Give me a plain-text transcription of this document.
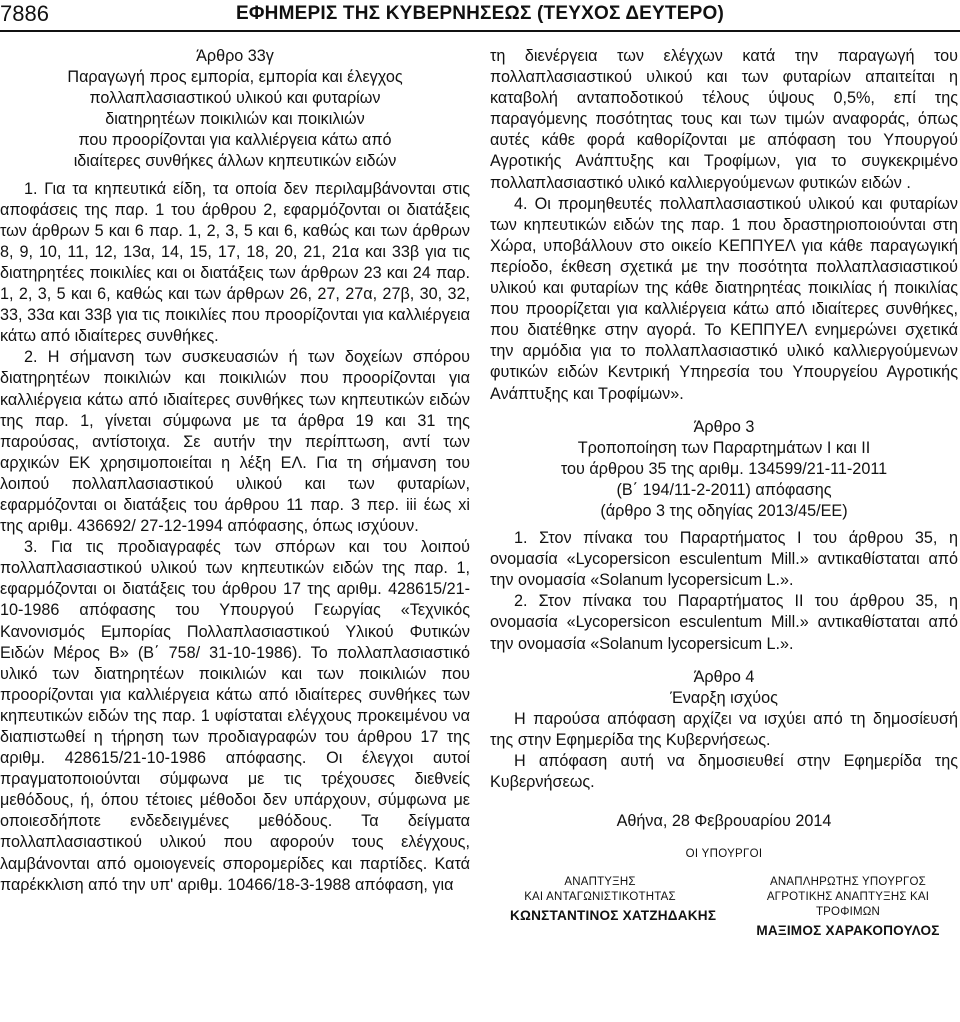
7886	ΕΦΗΜΕΡΙΣ ΤΗΣ ΚΥΒΕΡΝΗΣΕΩΣ (ΤΕΥΧΟΣ ΔΕΥΤΕΡΟ)
Άρθρο 33γ
Παραγωγή προς εμπορία, εμπορία και έλεγχος
πολλαπλασιαστικού υλικού και φυταρίων
διατηρητέων ποικιλιών και ποικιλιών
που προορίζονται για καλλιέργεια κάτω από
ιδιαίτερες συνθήκες άλλων κηπευτικών ειδών

1. Για τα κηπευτικά είδη, τα οποία δεν περιλαμβάνονται στις αποφάσεις της παρ. 1 του άρθρου 2, εφαρμόζονται οι διατάξεις των άρθρων 5 και 6 παρ. 1, 2, 3, 5 και 6, καθώς και των άρθρων 8, 9, 10, 11, 12, 13α, 14, 15, 17, 18, 20, 21, 21α και 33β για τις διατηρητέες ποικιλίες και οι διατάξεις των άρθρων 23 και 24 παρ. 1, 2, 3, 5 και 6, καθώς και των άρθρων 26, 27, 27α, 27β, 30, 32, 33, 33α και 33β για τις ποικιλίες που προορίζονται για καλλιέργεια κάτω από ιδιαίτερες συνθήκες.

2. Η σήμανση των συσκευασιών ή των δοχείων σπόρου διατηρητέων ποικιλιών και ποικιλιών που προορίζονται για καλλιέργεια κάτω από ιδιαίτερες συνθήκες των κηπευτικών ειδών της παρ. 1, γίνεται σύμφωνα με τα άρθρα 19 και 31 της παρούσας, αντίστοιχα. Σε αυτήν την περίπτωση, αντί των αρχικών ΕΚ χρησιμοποιείται η λέξη ΕΛ. Για τη σήμανση του λοιπού πολλαπλασιαστικού υλικού και των φυταρίων, εφαρμόζονται οι διατάξεις του άρθρου 11 παρ. 3 περ. iii έως xi της αριθμ. 436692/ 27-12-1994 απόφασης, όπως ισχύουν.

3. Για τις προδιαγραφές των σπόρων και του λοιπού πολλαπλασιαστικού υλικού των κηπευτικών ειδών της παρ. 1, εφαρμόζονται οι διατάξεις του άρθρου 17 της αριθμ. 428615/21-10-1986 απόφασης του Υπουργού Γεωργίας «Τεχνικός Κανονισμός Εμπορίας Πολλαπλασιαστικού Υλικού Φυτικών Ειδών Μέρος Β» (Β΄ 758/ 31-10-1986). Το πολλαπλασιαστικό υλικό των διατηρητέων ποικιλιών και των ποικιλιών που προορίζονται για καλλιέργεια κάτω από ιδιαίτερες συνθήκες των κηπευτικών ειδών της παρ. 1 υφίσταται ελέγχους προκειμένου να διαπιστωθεί η τήρηση των προδιαγραφών του άρθρου 17 της αριθμ. 428615/21-10-1986 απόφασης. Οι έλεγχοι αυτοί πραγματοποιούνται σύμφωνα με τις τρέχουσες διεθνείς μεθόδους, ή, όπου τέτοιες μέθοδοι δεν υπάρχουν, σύμφωνα με οποιεσδήποτε ενδεδειγμένες μεθόδους. Τα δείγματα πολλαπλασιαστικού υλικού που αφορούν τους ελέγχους, λαμβάνονται από ομοιογενείς σπορομερίδες και παρτίδες. Κατά παρέκκλιση από την υπ' αριθμ. 10466/18-3-1988 απόφαση, για

τη διενέργεια των ελέγχων κατά την παραγωγή του πολλαπλασιαστικού υλικού και των φυταρίων απαιτείται η καταβολή ανταποδοτικού τέλους ύψους 0,5%, επί της παραγόμενης ποσότητας τους και των τιμών αναφοράς, όπως αυτές κάθε φορά καθορίζονται με απόφαση του Υπουργού Αγροτικής Ανάπτυξης και Τροφίμων, για το συγκεκριμένο πολλαπλασιαστικό υλικό καλλιεργούμενων φυτικών ειδών .

4. Οι προμηθευτές πολλαπλασιαστικού υλικού και φυταρίων των κηπευτικών ειδών της παρ. 1 που δραστηριοποιούνται στη Χώρα, υποβάλλουν στο οικείο ΚΕΠΠΥΕΛ για κάθε παραγωγική περίοδο, έκθεση σχετικά με την ποσότητα πολλαπλασιαστικού υλικού και φυταρίων της κάθε διατηρητέας ποικιλίας ή ποικιλίας που προορίζεται για καλλιέργεια κάτω από ιδιαίτερες συνθήκες, που διατέθηκε στην αγορά. Το ΚΕΠΠΥΕΛ ενημερώνει σχετικά την αρμόδια για το πολλαπλασιαστικό υλικό καλλιεργούμενων φυτικών ειδών Κεντρική Υπηρεσία του Υπουργείου Αγροτικής Ανάπτυξης και Τροφίμων».

Άρθρο 3
Τροποποίηση των Παραρτημάτων Ι και ΙΙ
του άρθρου 35 της αριθμ. 134599/21-11-2011
(Β΄ 194/11-2-2011) απόφασης
(άρθρο 3 της οδηγίας 2013/45/ΕΕ)

1. Στον πίνακα του Παραρτήματος Ι του άρθρου 35, η ονομασία «Lycopersicon esculentum Mill.» αντικαθίσταται από την ονομασία «Solanum lycopersicum L.».

2. Στον πίνακα του Παραρτήματος ΙΙ του άρθρου 35, η ονομασία «Lycopersicon esculentum Mill.» αντικαθίσταται από την ονομασία «Solanum lycopersicum L.».

Άρθρο 4
Έναρξη ισχύος

Η παρούσα απόφαση αρχίζει να ισχύει από τη δημοσίευσή της στην Εφημερίδα της Κυβερνήσεως.

Η απόφαση αυτή να δημοσιευθεί στην Εφημερίδα της Κυβερνήσεως.

Αθήνα, 28 Φεβρουαρίου 2014
ΟΙ ΥΠΟΥΡΓΟΙ
ΑΝΑΠΤΥΞΗΣ
ΚΑΙ ΑΝΤΑΓΩΝΙΣΤΙΚΟΤΗΤΑΣ
ΚΩΝΣΤΑΝΤΙΝΟΣ ΧΑΤΖΗΔΑΚΗΣ
ΑΝΑΠΛΗΡΩΤΗΣ ΥΠΟΥΡΓΟΣ
ΑΓΡΟΤΙΚΗΣ ΑΝΑΠΤΥΞΗΣ ΚΑΙ ΤΡΟΦΙΜΩΝ
ΜΑΞΙΜΟΣ ΧΑΡΑΚΟΠΟΥΛΟΣ
